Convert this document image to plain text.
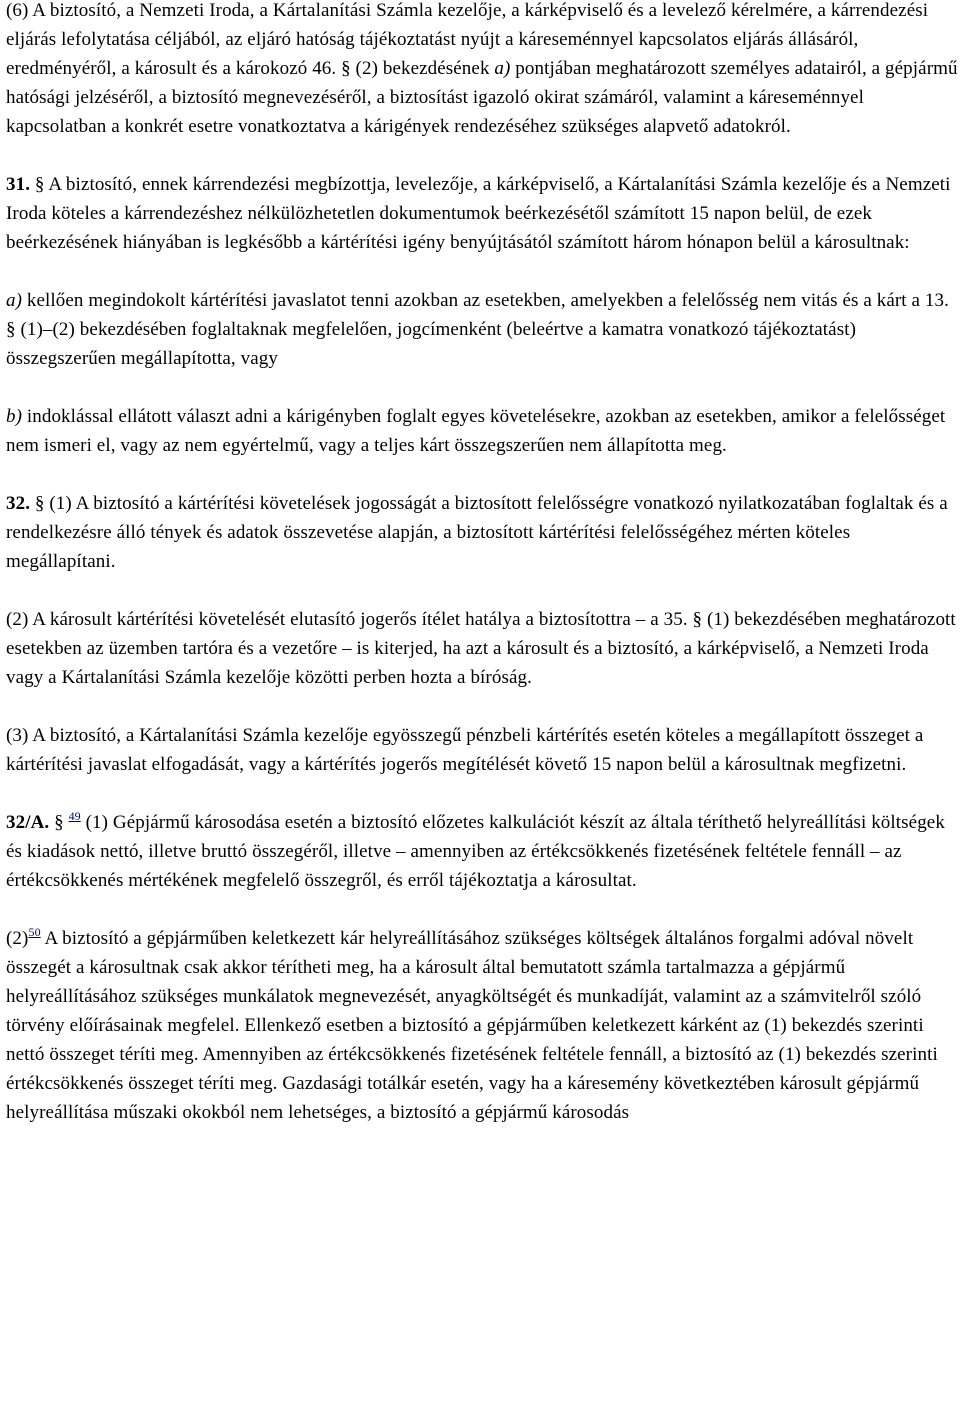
(6) A biztosító, a Nemzeti Iroda, a Kártalanítási Számla kezelője, a kárképviselő és a levelező kérelmére, a kárrendezési eljárás lefolytatása céljából, az eljáró hatóság tájékoztatást nyújt a káreseménnyel kapcsolatos eljárás állásáról, eredményéről, a károsult és a károkozó 46. § (2) bekezdésének a) pontjában meghatározott személyes adatairól, a gépjármű hatósági jelzéséről, a biztosító megnevezéséről, a biztosítást igazoló okirat számáról, valamint a káreseménnyel kapcsolatban a konkrét esetre vonatkoztatva a kárigények rendezéséhez szükséges alapvető adatokról.

31. § A biztosító, ennek kárrendezési megbízottja, levelezője, a kárképviselő, a Kártalanítási Számla kezelője és a Nemzeti Iroda köteles a kárrendezéshez nélkülözhetetlen dokumentumok beérkezésétől számított 15 napon belül, de ezek beérkezésének hiányában is legkésőbb a kártérítési igény benyújtásától számított három hónapon belül a károsultnak:

a) kellően megindokolt kártérítési javaslatot tenni azokban az esetekben, amelyekben a felelősség nem vitás és a kárt a 13. § (1)–(2) bekezdésében foglaltaknak megfelelően, jogcímenként (beleértve a kamatra vonatkozó tájékoztatást) összegszerűen megállapította, vagy

b) indoklással ellátott választ adni a kárigényben foglalt egyes követelésekre, azokban az esetekben, amikor a felelősséget nem ismeri el, vagy az nem egyértelmű, vagy a teljes kárt összegszerűen nem állapította meg.

32. § (1) A biztosító a kártérítési követelések jogosságát a biztosított felelősségre vonatkozó nyilatkozatában foglaltak és a rendelkezésre álló tények és adatok összevetése alapján, a biztosított kártérítési felelősségéhez mérten köteles megállapítani.

(2) A károsult kártérítési követelését elutasító jogerős ítélet hatálya a biztosítottra – a 35. § (1) bekezdésében meghatározott esetekben az üzemben tartóra és a vezetőre – is kiterjed, ha azt a károsult és a biztosító, a kárképviselő, a Nemzeti Iroda vagy a Kártalanítási Számla kezelője közötti perben hozta a bíróság.

(3) A biztosító, a Kártalanítási Számla kezelője egyösszegű pénzbeli kártérítés esetén köteles a megállapított összeget a kártérítési javaslat elfogadását, vagy a kártérítés jogerős megítélését követő 15 napon belül a károsultnak megfizetni.

32/A. § $^{49}$ (1) Gépjármű károsodása esetén a biztosító előzetes kalkulációt készít az általa téríthető helyreállítási költségek és kiadások nettó, illetve bruttó összegéről, illetve – amennyiben az értékcsökkenés fizetésének feltétele fennáll – az értékcsökkenés mértékének megfelelő összegről, és erről tájékoztatja a károsultat.

(2)$^{50}$ A biztosító a gépjárműben keletkezett kár helyreállításához szükséges költségek általános forgalmi adóval növelt összegét a károsultnak csak akkor térítheti meg, ha a károsult által bemutatott számla tartalmazza a gépjármű helyreállításához szükséges munkálatok megnevezését, anyagköltségét és munkadíját, valamint az a számvitelről szóló törvény előírásainak megfelel. Ellenkező esetben a biztosító a gépjárműben keletkezett kárként az (1) bekezdés szerinti nettó összeget téríti meg. Amennyiben az értékcsökkenés fizetésének feltétele fennáll, a biztosító az (1) bekezdés szerinti értékcsökkenés összeget téríti meg. Gazdasági totálkár esetén, vagy ha a káresemény következtében károsult gépjármű helyreállítása műszaki okokból nem lehetséges, a biztosító a gépjármű károsodás
